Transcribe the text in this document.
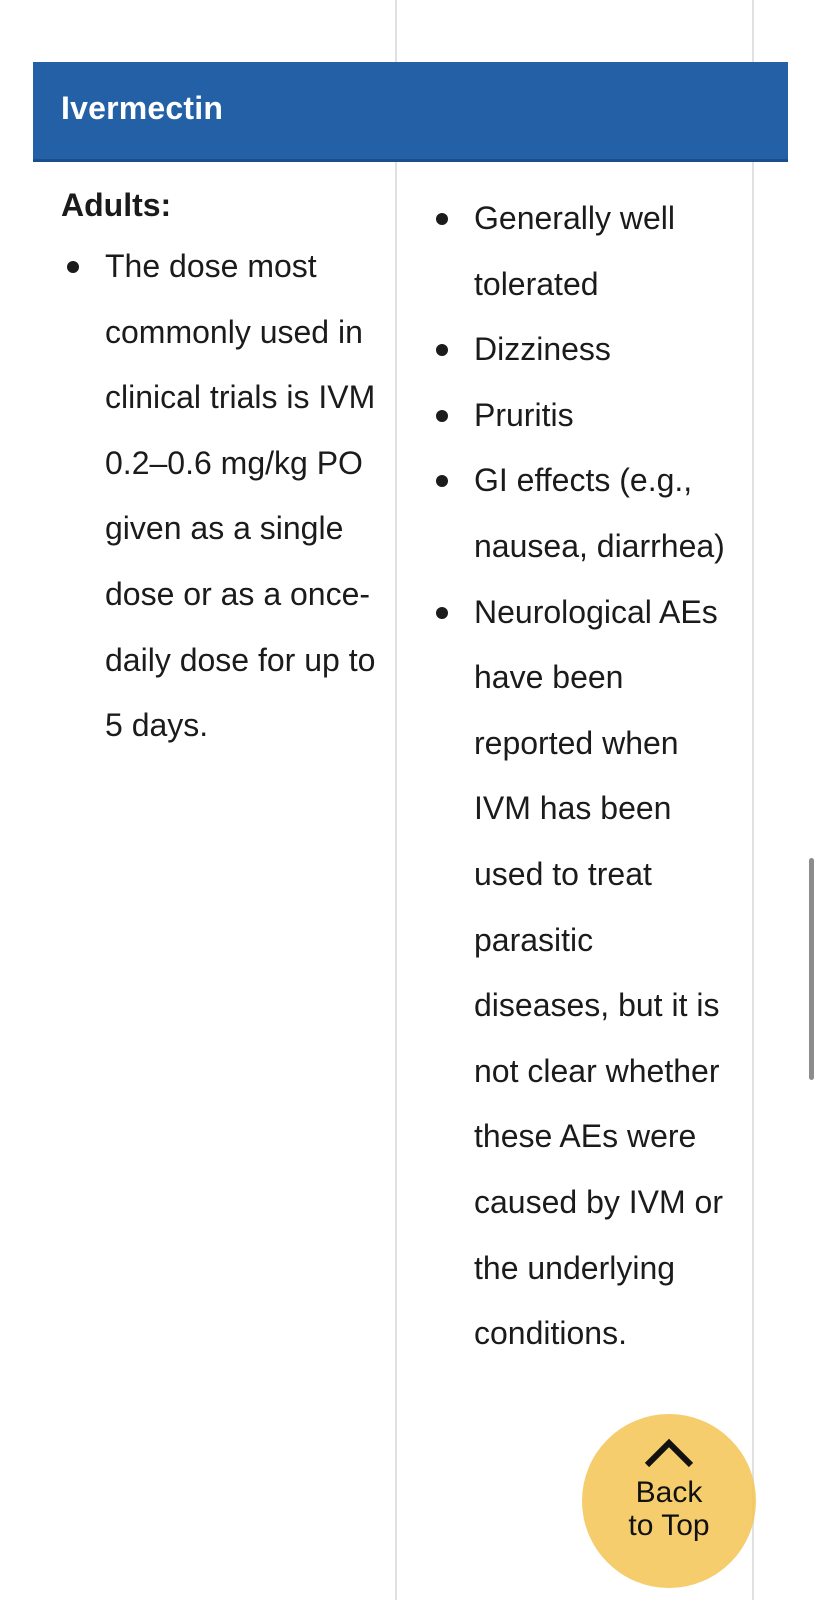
Ivermectin
Adults:
The dose most commonly used in clinical trials is IVM 0.2–0.6 mg/kg PO given as a single dose or as a once-daily dose for up to 5 days.
Generally well tolerated
Dizziness
Pruritis
GI effects (e.g., nausea, diarrhea)
Neurological AEs have been reported when IVM has been used to treat parasitic diseases, but it is not clear whether these AEs were caused by IVM or the underlying conditions.
Back
to Top
